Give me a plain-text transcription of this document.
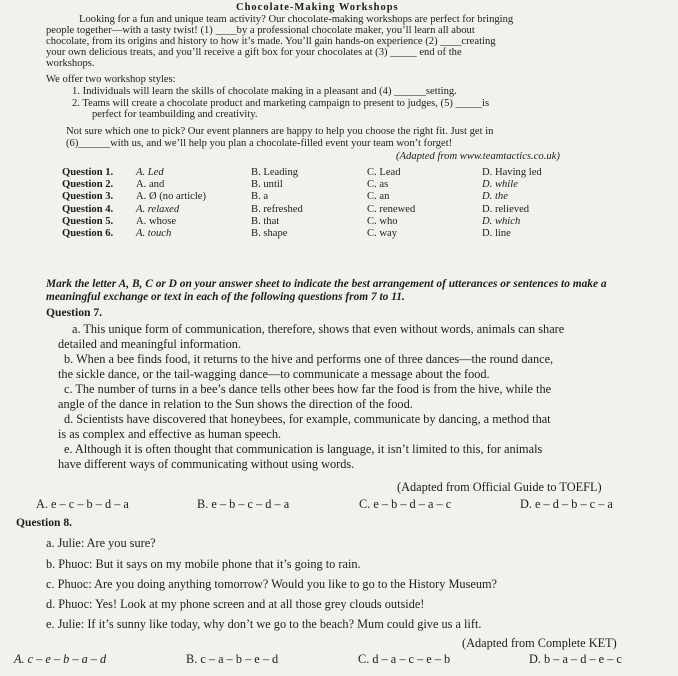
Chocolate-Making Workshops
Looking for a fun and unique team activity? Our chocolate-making workshops are perfect for bringing
people together—with a tasty twist! (1) ____by a professional chocolate maker, you’ll learn all about
chocolate, from its origins and history to how it’s made. You’ll gain hands-on experience (2) ____creating
your own delicious treats, and you’ll receive a gift box for your chocolates at (3) _____ end of the
workshops.
We offer two workshop styles:
1. Individuals will learn the skills of chocolate making in a pleasant and (4) ______setting.
2. Teams will create a chocolate product and marketing campaign to present to judges, (5) _____is
perfect for teambuilding and creativity.
Not sure which one to pick? Our event planners are happy to help you choose the right fit. Just get in
(6)______with us, and we’ll help you plan a chocolate-filled event your team won’t forget!
(Adapted from www.teamtactics.co.uk)
Question 1. A. Led	B. Leading	C. Lead	D. Having led
Question 2. A. and	B. until	C. as	D. while
Question 3. A. Ø (no article)	B. a	C. an	D. the
Question 4. A. relaxed	B. refreshed	C. renewed	D. relieved
Question 5. A. whose	B. that	C. who	D. which
Question 6. A. touch	B. shape	C. way	D. line
Mark the letter A, B, C or D on your answer sheet to indicate the best arrangement of utterances or sentences to make a meaningful exchange or text in each of the following questions from 7 to 11.
Question 7.
a. This unique form of communication, therefore, shows that even without words, animals can share
detailed and meaningful information.
b. When a bee finds food, it returns to the hive and performs one of three dances—the round dance,
the sickle dance, or the tail-wagging dance—to communicate a message about the food.
c. The number of turns in a bee’s dance tells other bees how far the food is from the hive, while the
angle of the dance in relation to the Sun shows the direction of the food.
d. Scientists have discovered that honeybees, for example, communicate by dancing, a method that
is as complex and effective as human speech.
e. Although it is often thought that communication is language, it isn’t limited to this, for animals
have different ways of communicating without using words.
(Adapted from Official Guide to TOEFL)
A. e – c – b – d – a	B. e – b – c – d – a	C. e – b – d – a – c	D. e – d – b – c – a
Question 8.
a. Julie: Are you sure?
b. Phuoc: But it says on my mobile phone that it’s going to rain.
c. Phuoc: Are you doing anything tomorrow? Would you like to go to the History Museum?
d. Phuoc: Yes! Look at my phone screen and at all those grey clouds outside!
e. Julie: If it’s sunny like today, why don’t we go to the beach? Mum could give us a lift.
(Adapted from Complete KET)
A. c – e – b – a – d	B. c – a – b – e – d	C. d – a – c – e – b	D. b – a – d – e – c
